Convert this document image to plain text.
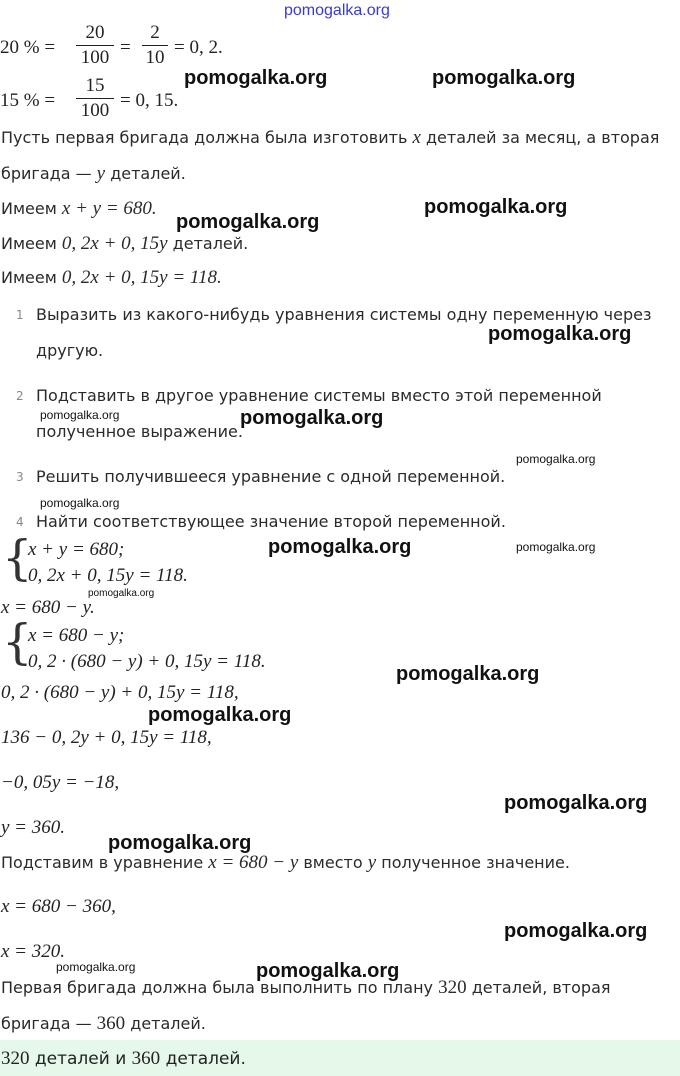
pomogalka.org
20 % =
20
100 =
2
10 = 0, 2.
15 % =
15
100 = 0, 15.
Пусть первая бригада должна была изготовить x деталей за месяц, а вторая
бригада — y деталей.
Имеем x + y = 680.
Имеем 0, 2x + 0, 15y деталей.
Имеем 0, 2x + 0, 15y = 118.
1 Выразить из какого-нибудь уравнения системы одну переменную через
другую.
2 Подставить в другое уравнение системы вместо этой переменной
полученное выражение.
3 Решить получившееся уравнение с одной переменной.
4 Найти соответствующее значение второй переменной.
{
x + y = 680;
0, 2x + 0, 15y = 118.
x = 680 − y.
{
x = 680 − y;
0, 2 · (680 − y) + 0, 15y = 118.
0, 2 · (680 − y) + 0, 15y = 118,
136 − 0, 2y + 0, 15y = 118,
−0, 05y = −18,
y = 360.
Подставим в уравнение x = 680 − y вместо y полученное значение.
x = 680 − 360,
x = 320.
Первая бригада должна была выполнить по плану 320 деталей, вторая
бригада — 360 деталей.
320 деталей и 360 деталей.
pomogalka.org	pomogalka.org
pomogalka.org
pomogalka.org
pomogalka.org
pomogalka.org	pomogalka.org
pomogalka.org
pomogalka.org
pomogalka.org	pomogalka.org
pomogalka.org
pomogalka.org
pomogalka.org
pomogalka.org
pomogalka.org
pomogalka.org
pomogalka.org	pomogalka.org
